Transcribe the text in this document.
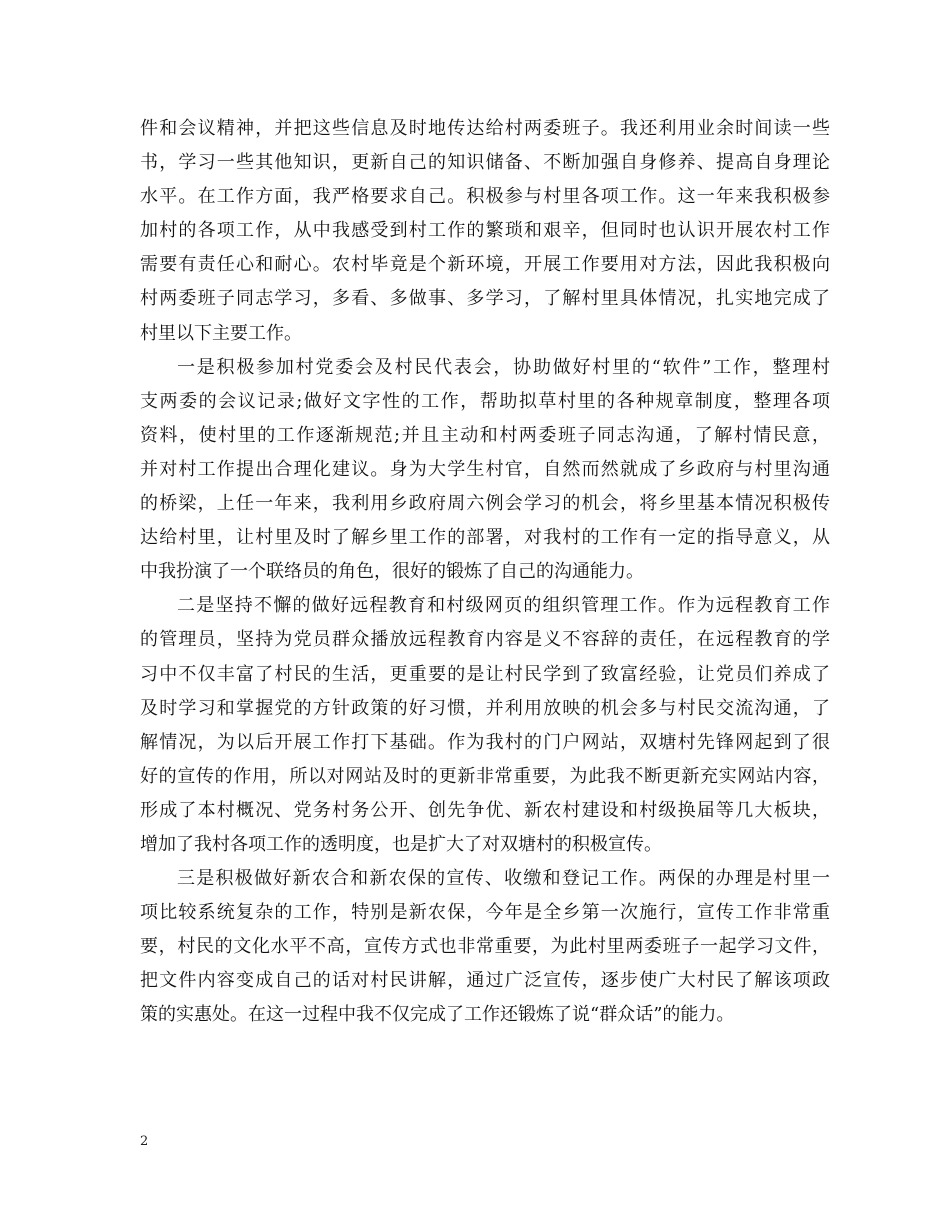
件和会议精神，并把这些信息及时地传达给村两委班子。我还利用业余时间读一些
书，学习一些其他知识，更新自己的知识储备、不断加强自身修养、提高自身理论
水平。在工作方面，我严格要求自己。积极参与村里各项工作。这一年来我积极参
加村的各项工作，从中我感受到村工作的繁琐和艰辛，但同时也认识开展农村工作
需要有责任心和耐心。农村毕竟是个新环境，开展工作要用对方法，因此我积极向
村两委班子同志学习，多看、多做事、多学习，了解村里具体情况，扎实地完成了
村里以下主要工作。
一是积极参加村党委会及村民代表会，协助做好村里的“软件”工作，整理村
支两委的会议记录;做好文字性的工作，帮助拟草村里的各种规章制度，整理各项
资料，使村里的工作逐渐规范;并且主动和村两委班子同志沟通，了解村情民意，
并对村工作提出合理化建议。身为大学生村官，自然而然就成了乡政府与村里沟通
的桥梁，上任一年来，我利用乡政府周六例会学习的机会，将乡里基本情况积极传
达给村里，让村里及时了解乡里工作的部署，对我村的工作有一定的指导意义，从
中我扮演了一个联络员的角色，很好的锻炼了自己的沟通能力。
二是坚持不懈的做好远程教育和村级网页的组织管理工作。作为远程教育工作
的管理员，坚持为党员群众播放远程教育内容是义不容辞的责任，在远程教育的学
习中不仅丰富了村民的生活，更重要的是让村民学到了致富经验，让党员们养成了
及时学习和掌握党的方针政策的好习惯，并利用放映的机会多与村民交流沟通，了
解情况，为以后开展工作打下基础。作为我村的门户网站，双塘村先锋网起到了很
好的宣传的作用，所以对网站及时的更新非常重要，为此我不断更新充实网站内容，
形成了本村概况、党务村务公开、创先争优、新农村建设和村级换届等几大板块，
增加了我村各项工作的透明度，也是扩大了对双塘村的积极宣传。
三是积极做好新农合和新农保的宣传、收缴和登记工作。两保的办理是村里一
项比较系统复杂的工作，特别是新农保，今年是全乡第一次施行，宣传工作非常重
要，村民的文化水平不高，宣传方式也非常重要，为此村里两委班子一起学习文件，
把文件内容变成自己的话对村民讲解，通过广泛宣传，逐步使广大村民了解该项政
策的实惠处。在这一过程中我不仅完成了工作还锻炼了说“群众话”的能力。
2
